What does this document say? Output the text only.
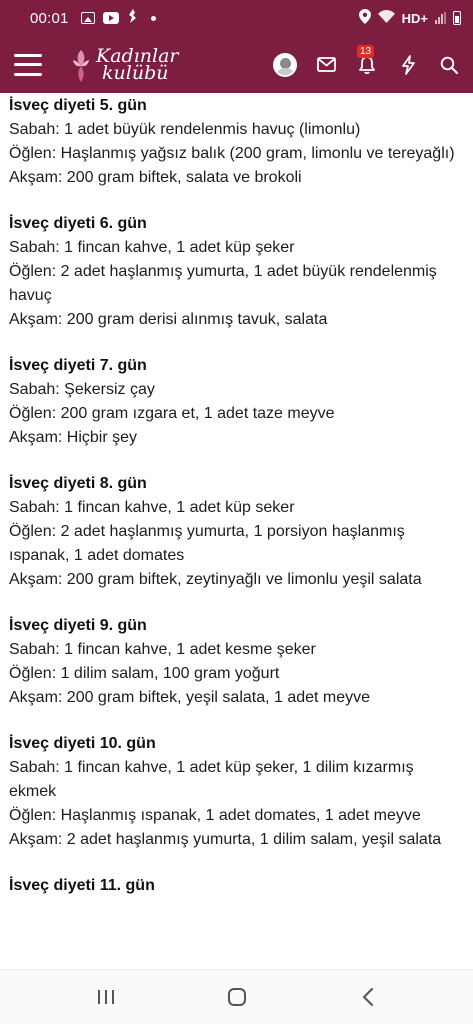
00:01	HD+
Kadınlar
kulübü
13
İsveç diyeti 5. gün

Sabah: 1 adet büyük rendelenmis havuç (limonlu)

Öğlen: Haşlanmış yağsız balık (200 gram, limonlu ve tereyağlı)

Akşam: 200 gram biftek, salata ve brokoli

İsveç diyeti 6. gün

Sabah: 1 fincan kahve, 1 adet küp şeker

Öğlen: 2 adet haşlanmış yumurta, 1 adet büyük rendelenmiş havuç

Akşam: 200 gram derisi alınmış tavuk, salata

İsveç diyeti 7. gün

Sabah: Şekersiz çay

Öğlen: 200 gram ızgara et, 1 adet taze meyve

Akşam: Hiçbir şey

İsveç diyeti 8. gün

Sabah: 1 fincan kahve, 1 adet küp seker

Öğlen: 2 adet haşlanmış yumurta, 1 porsiyon haşlanmış ıspanak, 1 adet domates

Akşam: 200 gram biftek, zeytinyağlı ve limonlu yeşil salata

İsveç diyeti 9. gün

Sabah: 1 fincan kahve, 1 adet kesme şeker

Öğlen: 1 dilim salam, 100 gram yoğurt

Akşam: 200 gram biftek, yeşil salata, 1 adet meyve

İsveç diyeti 10. gün

Sabah: 1 fincan kahve, 1 adet küp şeker, 1 dilim kızarmış ekmek

Öğlen: Haşlanmış ıspanak, 1 adet domates, 1 adet meyve

Akşam: 2 adet haşlanmış yumurta, 1 dilim salam, yeşil salata

İsveç diyeti 11. gün
